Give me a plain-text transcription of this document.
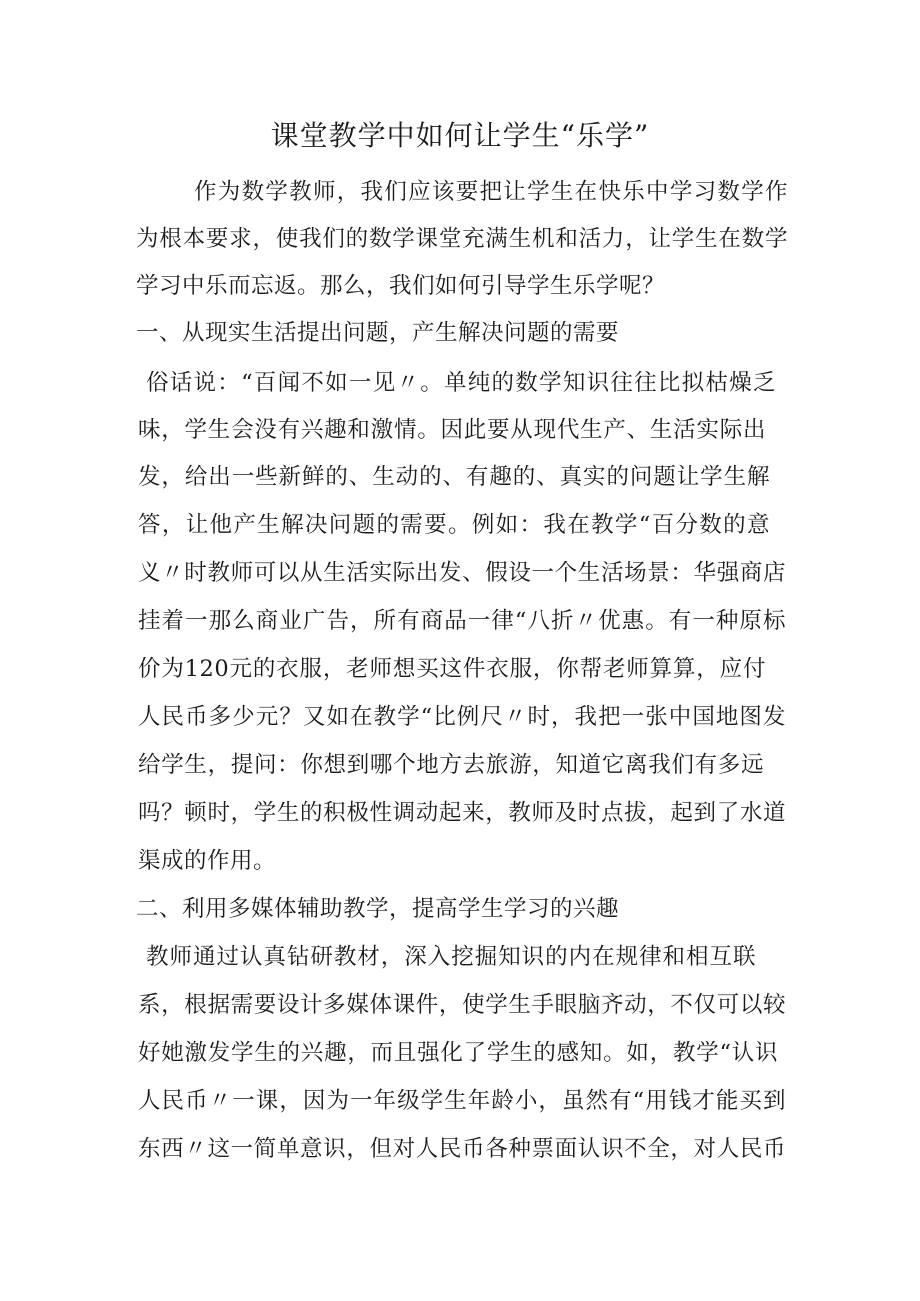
课堂教学中如何让学生“乐学”
作为数学教师，我们应该要把让学生在快乐中学习数学作
为根本要求，使我们的数学课堂充满生机和活力，让学生在数学
学习中乐而忘返。那么，我们如何引导学生乐学呢？
一、从现实生活提出问题，产生解决问题的需要
俗话说：“百闻不如一见〃。单纯的数学知识往往比拟枯燥乏
味，学生会没有兴趣和激情。因此要从现代生产、生活实际出
发，给出一些新鲜的、生动的、有趣的、真实的问题让学生解
答，让他产生解决问题的需要。例如：我在教学“百分数的意
义〃时教师可以从生活实际出发、假设一个生活场景：华强商店
挂着一那么商业广告，所有商品一律“八折〃优惠。有一种原标
价为120元的衣服，老师想买这件衣服，你帮老师算算，应付
人民币多少元？又如在教学“比例尺〃时，我把一张中国地图发
给学生，提问：你想到哪个地方去旅游，知道它离我们有多远
吗？顿时，学生的积极性调动起来，教师及时点拔，起到了水道
渠成的作用。
二、利用多媒体辅助教学，提高学生学习的兴趣
教师通过认真钻研教材，深入挖掘知识的内在规律和相互联
系，根据需要设计多媒体课件，使学生手眼脑齐动，不仅可以较
好她激发学生的兴趣，而且强化了学生的感知。如，教学“认识
人民币〃一课，因为一年级学生年龄小，虽然有“用钱才能买到
东西〃这一简单意识，但对人民币各种票面认识不全，对人民币
